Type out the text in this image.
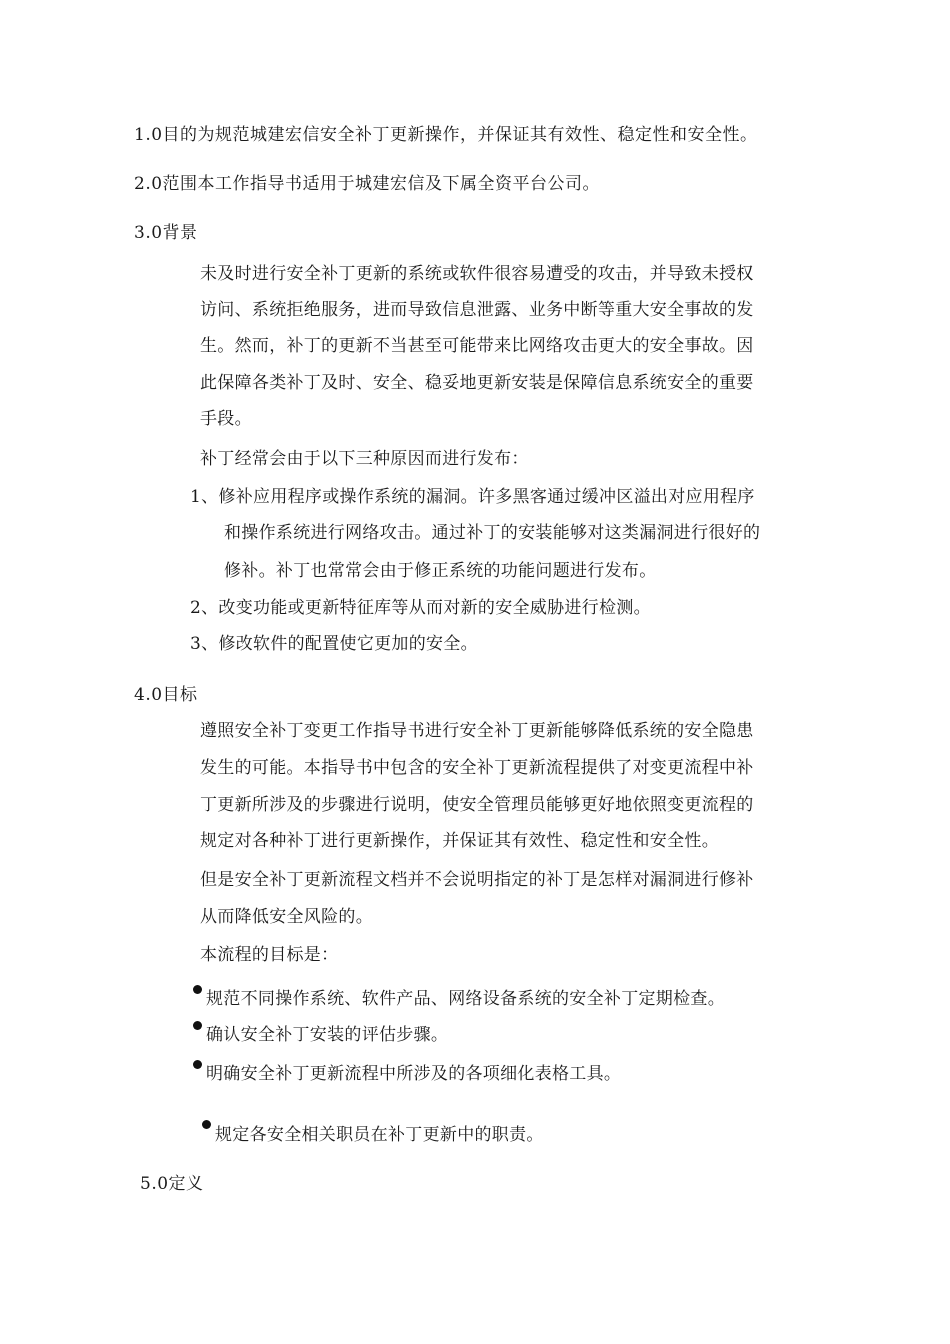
1.0目的为规范城建宏信安全补丁更新操作，并保证其有效性、稳定性和安全性。
2.0范围本工作指导书适用于城建宏信及下属全资平台公司。
3.0背景
未及时进行安全补丁更新的系统或软件很容易遭受的攻击，并导致未授权
访问、系统拒绝服务，进而导致信息泄露、业务中断等重大安全事故的发
生。然而，补丁的更新不当甚至可能带来比网络攻击更大的安全事故。因
此保障各类补丁及时、安全、稳妥地更新安装是保障信息系统安全的重要
手段。
补丁经常会由于以下三种原因而进行发布：
1、修补应用程序或操作系统的漏洞。许多黑客通过缓冲区溢出对应用程序
和操作系统进行网络攻击。通过补丁的安装能够对这类漏洞进行很好的
修补。补丁也常常会由于修正系统的功能问题进行发布。
2、改变功能或更新特征库等从而对新的安全威胁进行检测。
3、修改软件的配置使它更加的安全。
4.0目标
遵照安全补丁变更工作指导书进行安全补丁更新能够降低系统的安全隐患
发生的可能。本指导书中包含的安全补丁更新流程提供了对变更流程中补
丁更新所涉及的步骤进行说明，使安全管理员能够更好地依照变更流程的
规定对各种补丁进行更新操作，并保证其有效性、稳定性和安全性。
但是安全补丁更新流程文档并不会说明指定的补丁是怎样对漏洞进行修补
从而降低安全风险的。
本流程的目标是：
规范不同操作系统、软件产品、网络设备系统的安全补丁定期检查。
确认安全补丁安装的评估步骤。
明确安全补丁更新流程中所涉及的各项细化表格工具。
规定各安全相关职员在补丁更新中的职责。
5.0定义
